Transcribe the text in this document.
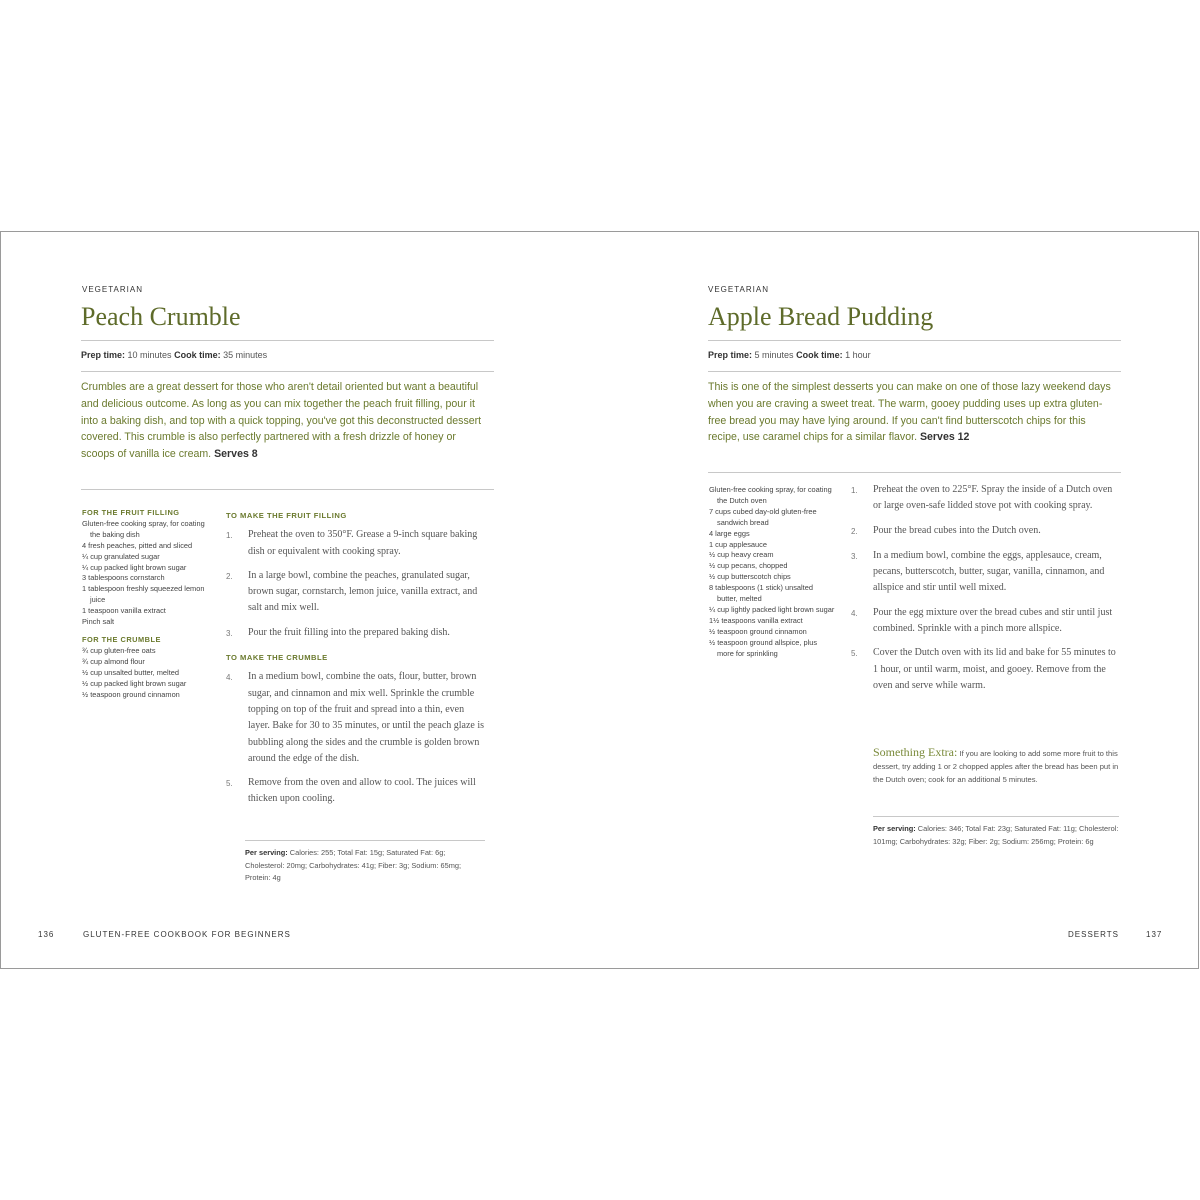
VEGETARIAN
Peach Crumble
Prep time: 10 minutes Cook time: 35 minutes
Crumbles are a great dessert for those who aren't detail oriented but want a beautiful and delicious outcome. As long as you can mix together the peach fruit filling, pour it into a baking dish, and top with a quick topping, you've got this deconstructed dessert covered. This crumble is also perfectly partnered with a fresh drizzle of honey or scoops of vanilla ice cream. Serves 8
FOR THE FRUIT FILLING
Gluten-free cooking spray, for coating the baking dish
4 fresh peaches, pitted and sliced
¼ cup granulated sugar
¼ cup packed light brown sugar
3 tablespoons cornstarch
1 tablespoon freshly squeezed lemon juice
1 teaspoon vanilla extract
Pinch salt
FOR THE CRUMBLE
¾ cup gluten-free oats
¾ cup almond flour
½ cup unsalted butter, melted
½ cup packed light brown sugar
½ teaspoon ground cinnamon
TO MAKE THE FRUIT FILLING
1.	Preheat the oven to 350°F. Grease a 9-inch square baking dish or equivalent with cooking spray.
2.	In a large bowl, combine the peaches, granulated sugar, brown sugar, cornstarch, lemon juice, vanilla extract, and salt and mix well.
3.	Pour the fruit filling into the prepared baking dish.
TO MAKE THE CRUMBLE
4.	In a medium bowl, combine the oats, flour, butter, brown sugar, and cinnamon and mix well. Sprinkle the crumble topping on top of the fruit and spread into a thin, even layer. Bake for 30 to 35 minutes, or until the peach glaze is bubbling along the sides and the crumble is golden brown around the edge of the dish.
5.	Remove from the oven and allow to cool. The juices will thicken upon cooling.
Per serving: Calories: 255; Total Fat: 15g; Saturated Fat: 6g; Cholesterol: 20mg; Carbohydrates: 41g; Fiber: 3g; Sodium: 65mg; Protein: 4g
136	GLUTEN-FREE COOKBOOK FOR BEGINNERS
VEGETARIAN
Apple Bread Pudding
Prep time: 5 minutes Cook time: 1 hour
This is one of the simplest desserts you can make on one of those lazy weekend days when you are craving a sweet treat. The warm, gooey pudding uses up extra gluten-free bread you may have lying around. If you can't find butterscotch chips for this recipe, use caramel chips for a similar flavor. Serves 12
Gluten-free cooking spray, for coating the Dutch oven
7 cups cubed day-old gluten-free sandwich bread
4 large eggs
1 cup applesauce
½ cup heavy cream
½ cup pecans, chopped
½ cup butterscotch chips
8 tablespoons (1 stick) unsalted butter, melted
¼ cup lightly packed light brown sugar
1½ teaspoons vanilla extract
½ teaspoon ground cinnamon
½ teaspoon ground allspice, plus more for sprinkling
1.	Preheat the oven to 225°F. Spray the inside of a Dutch oven or large oven-safe lidded stove pot with cooking spray.
2.	Pour the bread cubes into the Dutch oven.
3.	In a medium bowl, combine the eggs, applesauce, cream, pecans, butterscotch, butter, sugar, vanilla, cinnamon, and allspice and stir until well mixed.
4.	Pour the egg mixture over the bread cubes and stir until just combined. Sprinkle with a pinch more allspice.
5.	Cover the Dutch oven with its lid and bake for 55 minutes to 1 hour, or until warm, moist, and gooey. Remove from the oven and serve while warm.
Something Extra: If you are looking to add some more fruit to this dessert, try adding 1 or 2 chopped apples after the bread has been put in the Dutch oven; cook for an additional 5 minutes.
Per serving: Calories: 346; Total Fat: 23g; Saturated Fat: 11g; Cholesterol: 101mg; Carbohydrates: 32g; Fiber: 2g; Sodium: 256mg; Protein: 6g
DESSERTS	137
